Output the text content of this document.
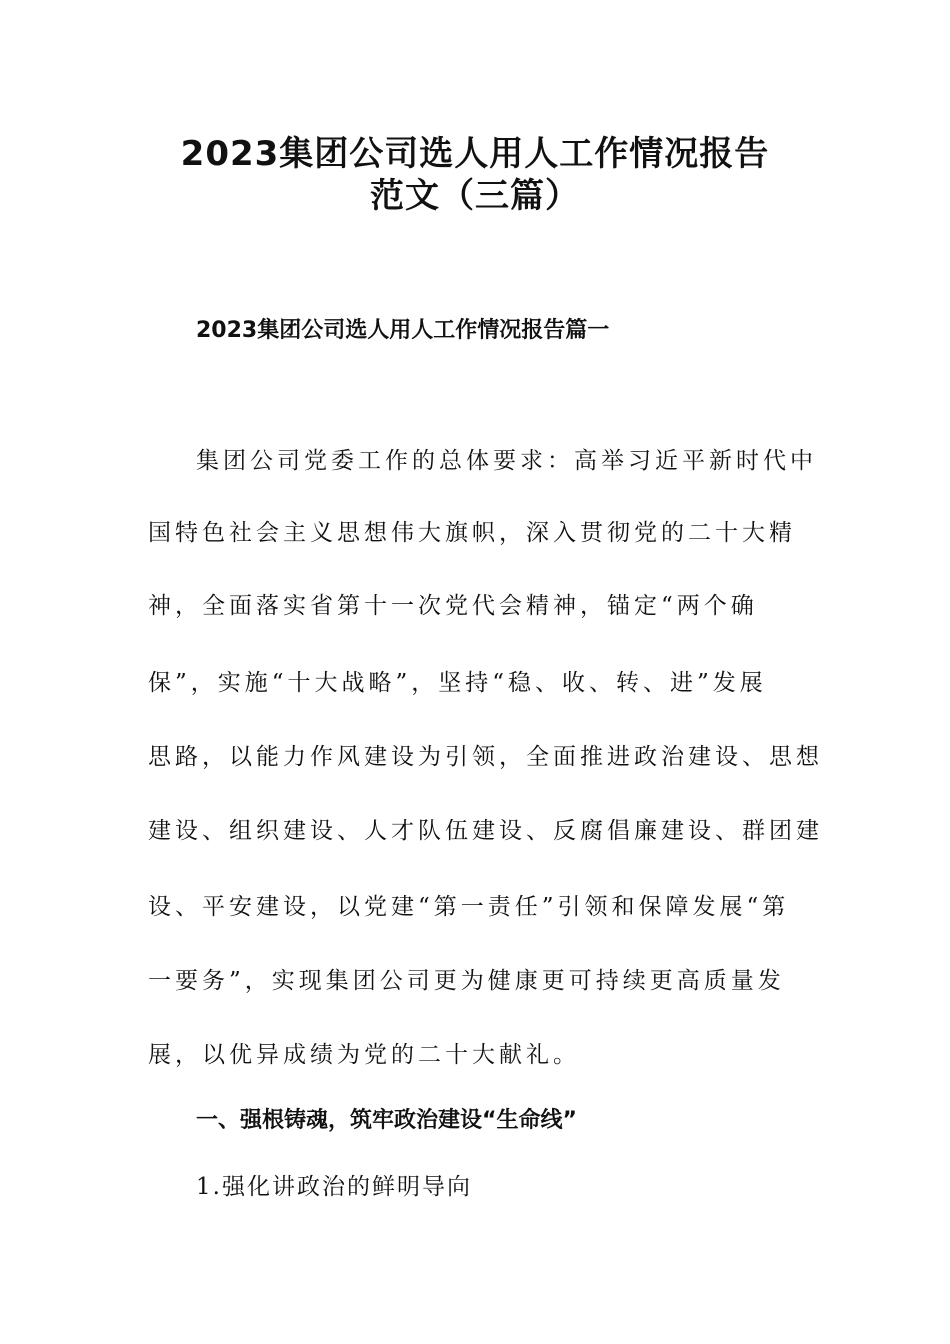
2023集团公司选人用人工作情况报告
范文（三篇）
2023集团公司选人用人工作情况报告篇一
集团公司党委工作的总体要求：高举习近平新时代中
国特色社会主义思想伟大旗帜，深入贯彻党的二十大精
神，全面落实省第十一次党代会精神，锚定“两个确
保”，实施“十大战略”，坚持“稳、收、转、进”发展
思路，以能力作风建设为引领，全面推进政治建设、思想
建设、组织建设、人才队伍建设、反腐倡廉建设、群团建
设、平安建设，以党建“第一责任”引领和保障发展“第
一要务”，实现集团公司更为健康更可持续更高质量发
展，以优异成绩为党的二十大献礼。
一、强根铸魂，筑牢政治建设“生命线”
1.强化讲政治的鲜明导向
